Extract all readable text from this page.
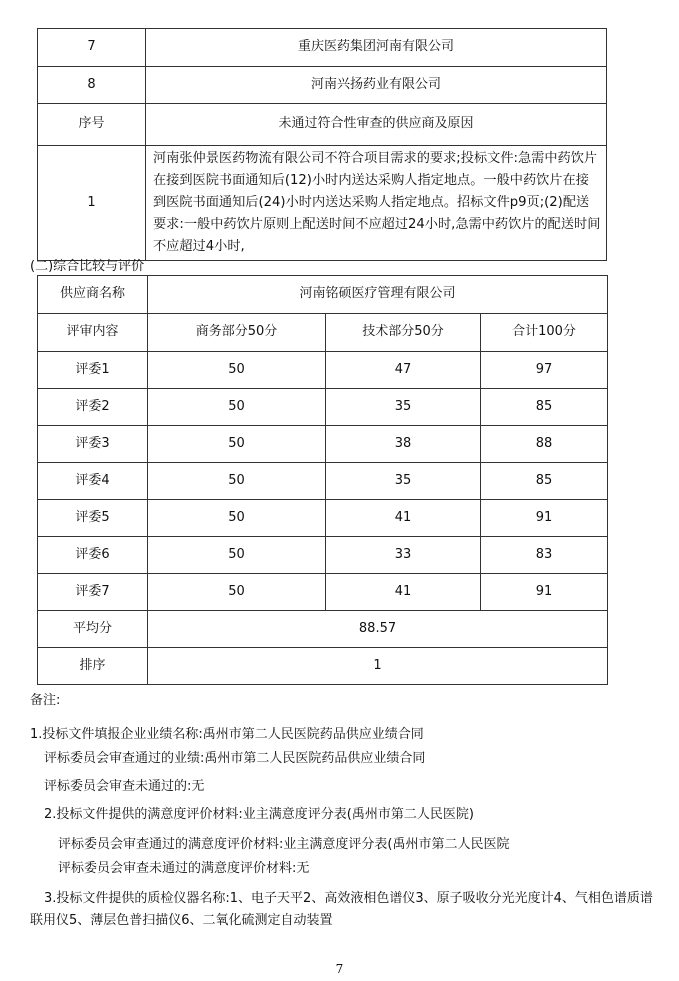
7	重庆医药集团河南有限公司
8	河南兴扬药业有限公司
序号	未通过符合性审查的供应商及原因
1	河南张仲景医药物流有限公司不符合项目需求的要求;投标文件:急需中药饮片在接到医院书面通知后(12)小时内送达采购人指定地点。一般中药饮片在接到医院书面通知后(24)小时内送达采购人指定地点。招标文件p9页;(2)配送要求:一般中药饮片原则上配送时间不应超过24小时,急需中药饮片的配送时间不应超过4小时,
(二)综合比较与评价
供应商名称	河南铭硕医疗管理有限公司		
评审内容	商务部分50分	技术部分50分	合计100分
评委1	50	47	97
评委2	50	35	85
评委3	50	38	88
评委4	50	35	85
评委5	50	41	91
评委6	50	33	83
评委7	50	41	91
平均分	88.57		
排序	1		

备注:

1.投标文件填报企业业绩名称:禹州市第二人民医院药品供应业绩合同

评标委员会审查通过的业绩:禹州市第二人民医院药品供应业绩合同

评标委员会审查未通过的:无

2.投标文件提供的满意度评价材料:业主满意度评分表(禹州市第二人民医院)

评标委员会审查通过的满意度评价材料:业主满意度评分表(禹州市第二人民医院

评标委员会审查未通过的满意度评价材料:无

3.投标文件提供的质检仪器名称:1、电子天平2、高效液相色谱仪3、原子吸收分光光度计4、气相色谱质谱联用仪5、薄层色普扫描仪6、二氧化硫测定自动装置

7
